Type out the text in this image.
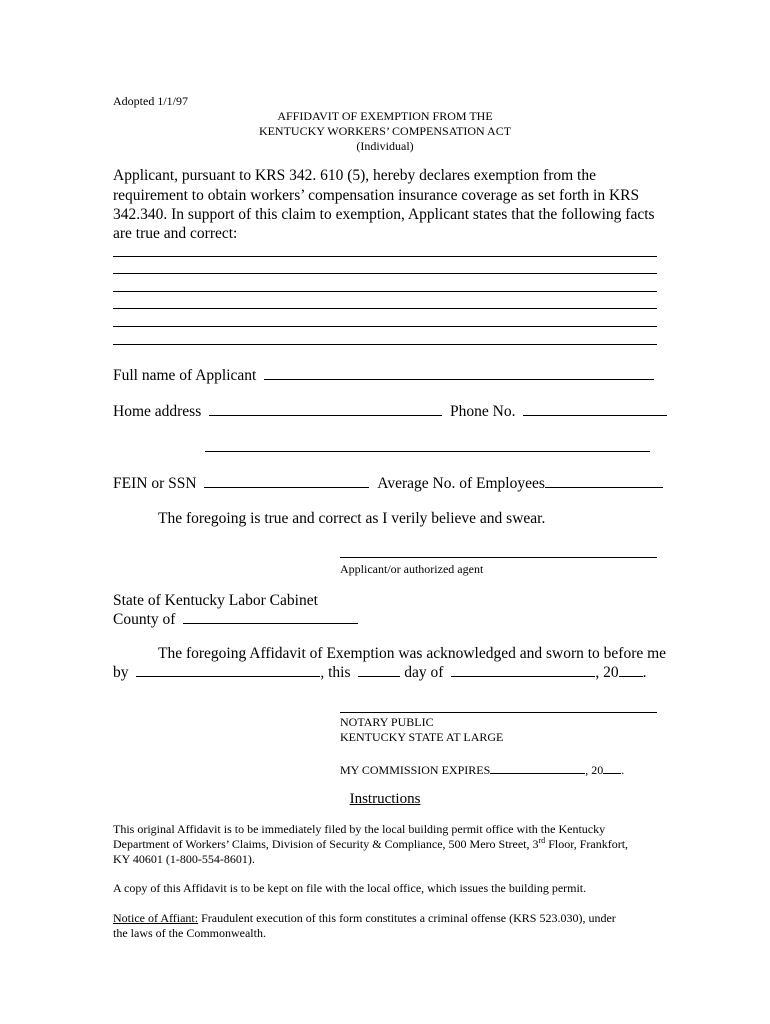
Adopted 1/1/97
AFFIDAVIT OF EXEMPTION FROM THE
KENTUCKY WORKERS’ COMPENSATION ACT
(Individual)
Applicant, pursuant to KRS 342. 610 (5), hereby declares exemption from the
requirement to obtain workers’ compensation insurance coverage as set forth in KRS
342.340. In support of this claim to exemption, Applicant states that the following facts
are true and correct:
Full name of Applicant
Home address	Phone No.
FEIN or SSN	Average No. of Employees
The foregoing is true and correct as I verily believe and swear.
Applicant/or authorized agent
State of Kentucky Labor Cabinet
County of
The foregoing Affidavit of Exemption was acknowledged and sworn to before me
by	, this	day of	, 20 .
NOTARY PUBLIC
KENTUCKY STATE AT LARGE
MY COMMISSION EXPIRES	, 20 .
Instructions
This original Affidavit is to be immediately filed by the local building permit office with the Kentucky
Department of Workers’ Claims, Division of Security & Compliance, 500 Mero Street, 3rd Floor, Frankfort,
KY 40601 (1-800-554-8601).
A copy of this Affidavit is to be kept on file with the local office, which issues the building permit.
Notice of Affiant: Fraudulent execution of this form constitutes a criminal offense (KRS 523.030), under
the laws of the Commonwealth.
